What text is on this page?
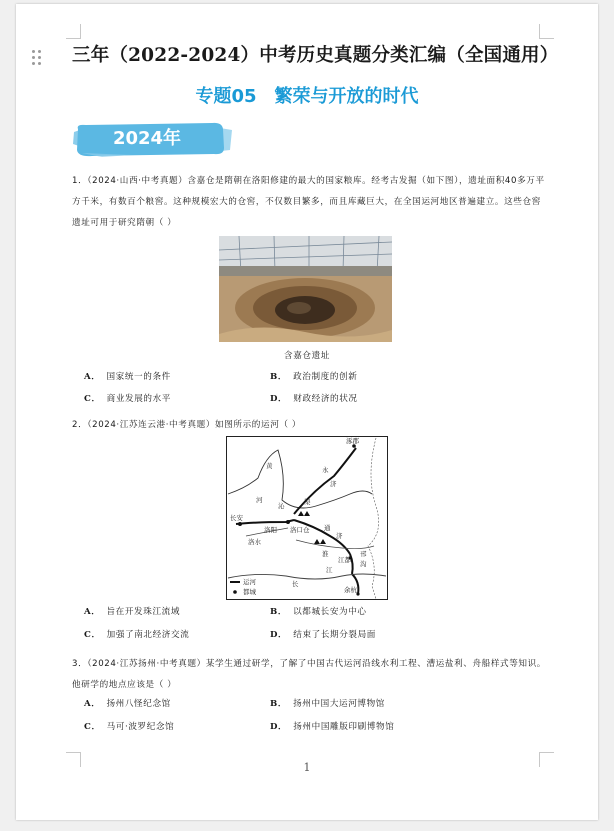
三年（2022-2024）中考历史真题分类汇编（全国通用）
专题05 繁荣与开放的时代
2024年
1．（2024·山西·中考真题）含嘉仓是隋朝在洛阳修建的最大的国家粮库。经考古发掘（如下图），遗址面积40多万平方千米，有数百个粮窖。这种规模宏大的仓窖，不仅数目繁多，而且库藏巨大，在全国运河地区普遍建立。这些仓窖遗址可用于研究隋朝（ ）
含嘉仓遗址
A． 国家统一的条件	B． 政治制度的创新
C． 商业发展的水平	D． 财政经济的状况
2．（2024·江苏连云港·中考真题）如图所示的运河（ ）
涿郡
黄	永
济
河
沁	渠
长安
洛阳 洛口仓 通
济
洛水
淮
江都
邗
沟
余杭
长
江
运河
都城
A． 旨在开发珠江流域	B． 以都城长安为中心
C． 加强了南北经济交流	D． 结束了长期分裂局面
3．（2024·江苏扬州·中考真题）某学生通过研学，了解了中国古代运河沿线水利工程、漕运盐利、舟船样式等知识。他研学的地点应该是（ ）
A． 扬州八怪纪念馆	B． 扬州中国大运河博物馆
C． 马可·波罗纪念馆	D． 扬州中国雕版印刷博物馆
1
